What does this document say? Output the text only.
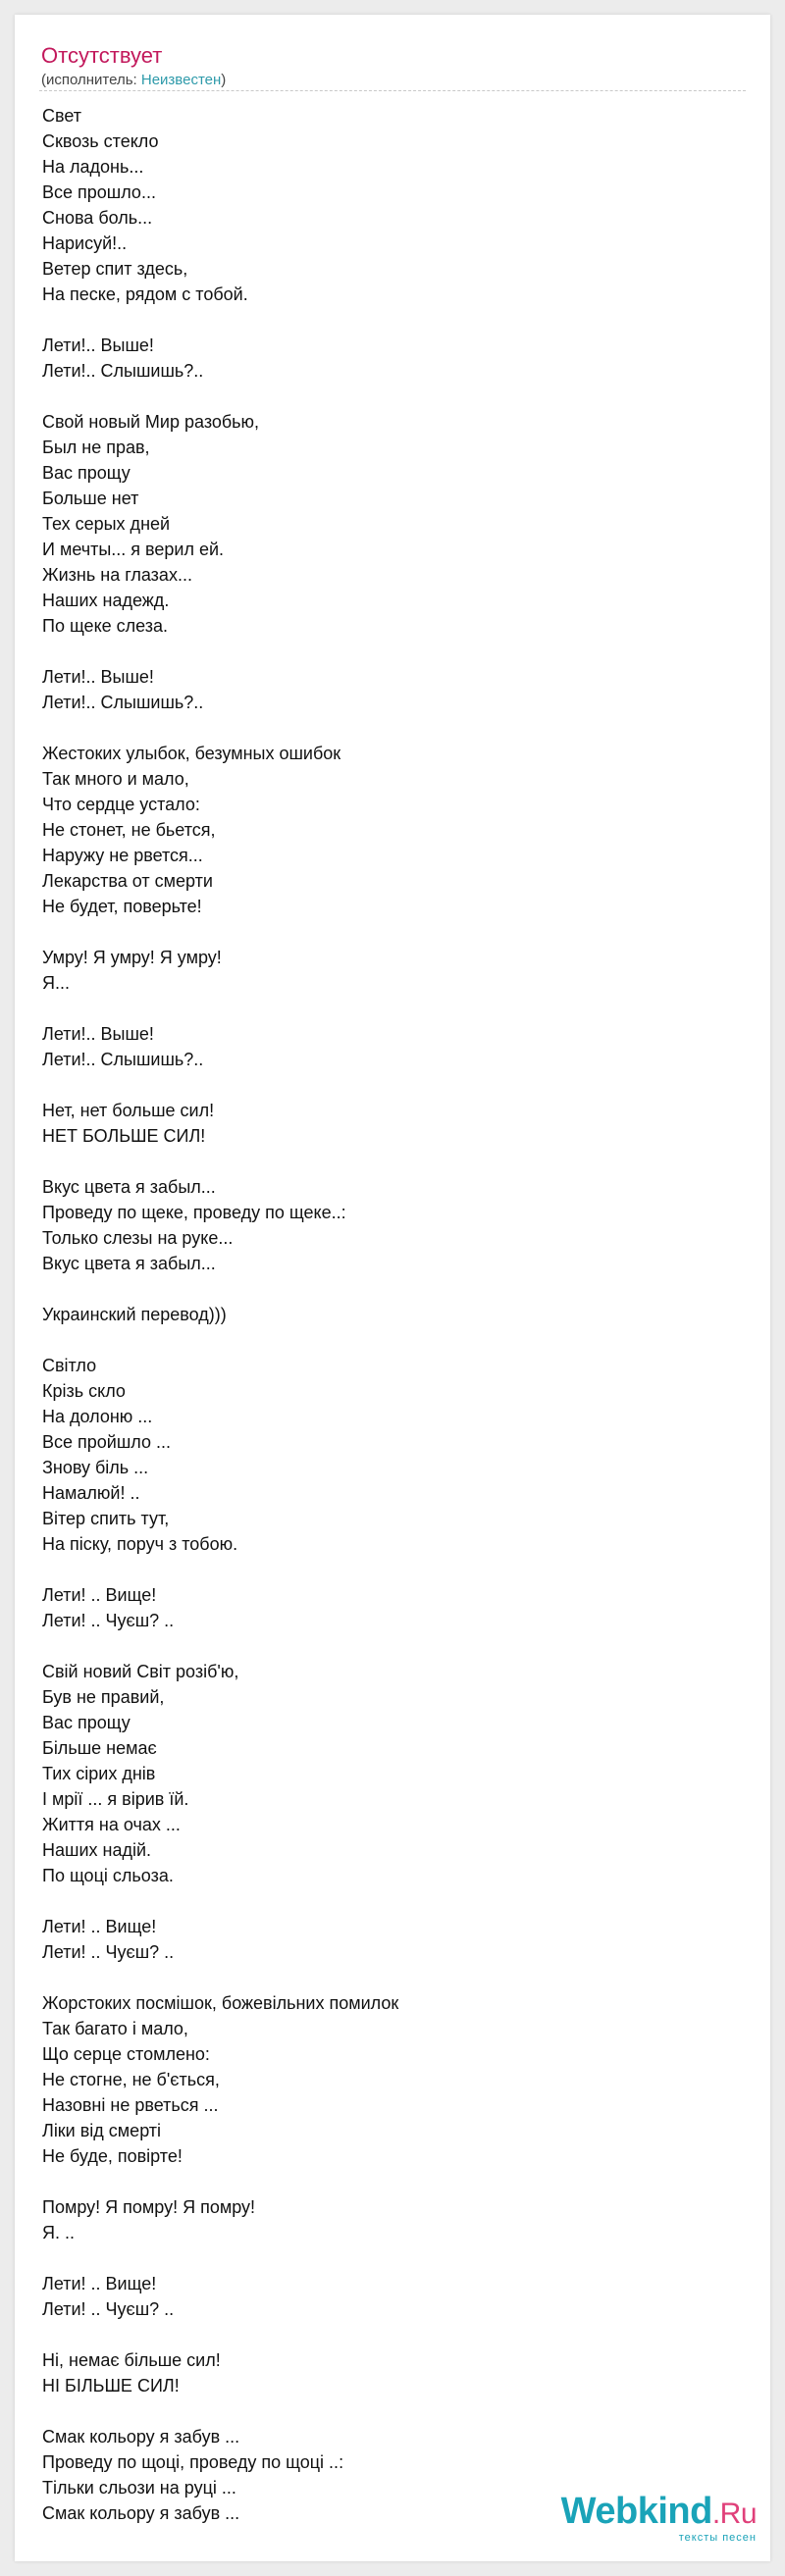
Отсутствует
(исполнитель: Неизвестен)
Свет
Сквозь стекло
На ладонь...
Все прошло...
Снова боль...
Нарисуй!..
Ветер спит здесь,
На песке, рядом с тобой.
Лети!.. Выше!
Лети!.. Слышишь?..
Свой новый Мир разобью,
Был не прав,
Вас прощу
Больше нет
Тех серых дней
И мечты... я верил ей.
Жизнь на глазах...
Наших надежд.
По щеке слеза.
Лети!.. Выше!
Лети!.. Слышишь?..
Жестоких улыбок, безумных ошибок
Так много и мало,
Что сердце устало:
Не стонет, не бьется,
Наружу не рвется...
Лекарства от смерти
Не будет, поверьте!
Умру! Я умру! Я умру!
Я...
Лети!.. Выше!
Лети!.. Слышишь?..
Нет, нет больше сил!
НЕТ БОЛЬШЕ СИЛ!
Вкус цвета я забыл...
Проведу по щеке, проведу по щеке..:
Только слезы на руке...
Вкус цвета я забыл...
Украинский перевод)))
Світло
Крізь скло
На долоню ...
Все пройшло ...
Знову біль ...
Намалюй! ..
Вітер спить тут,
На піску, поруч з тобою.
Лети! .. Вище!
Лети! .. Чуєш? ..
Свій новий Світ розіб'ю,
Був не правий,
Вас прощу
Більше немає
Тих сірих днів
І мрії ... я вірив їй.
Життя на очах ...
Наших надій.
По щоці сльоза.
Лети! .. Вище!
Лети! .. Чуєш? ..
Жорстоких посмішок, божевільних помилок
Так багато і мало,
Що серце стомлено:
Не стогне, не б'ється,
Назовні не рветься ...
Ліки від смерті
Не буде, повірте!
Помру! Я помру! Я помру!
Я. ..
Лети! .. Вище!
Лети! .. Чуєш? ..
Ні, немає більше сил!
НІ БІЛЬШЕ СИЛ!
Смак кольору я забув ...
Проведу по щоці, проведу по щоці ..:
Тільки сльози на руці ...
Смак кольору я забув ...	Webkind.Ru
тексты песен
